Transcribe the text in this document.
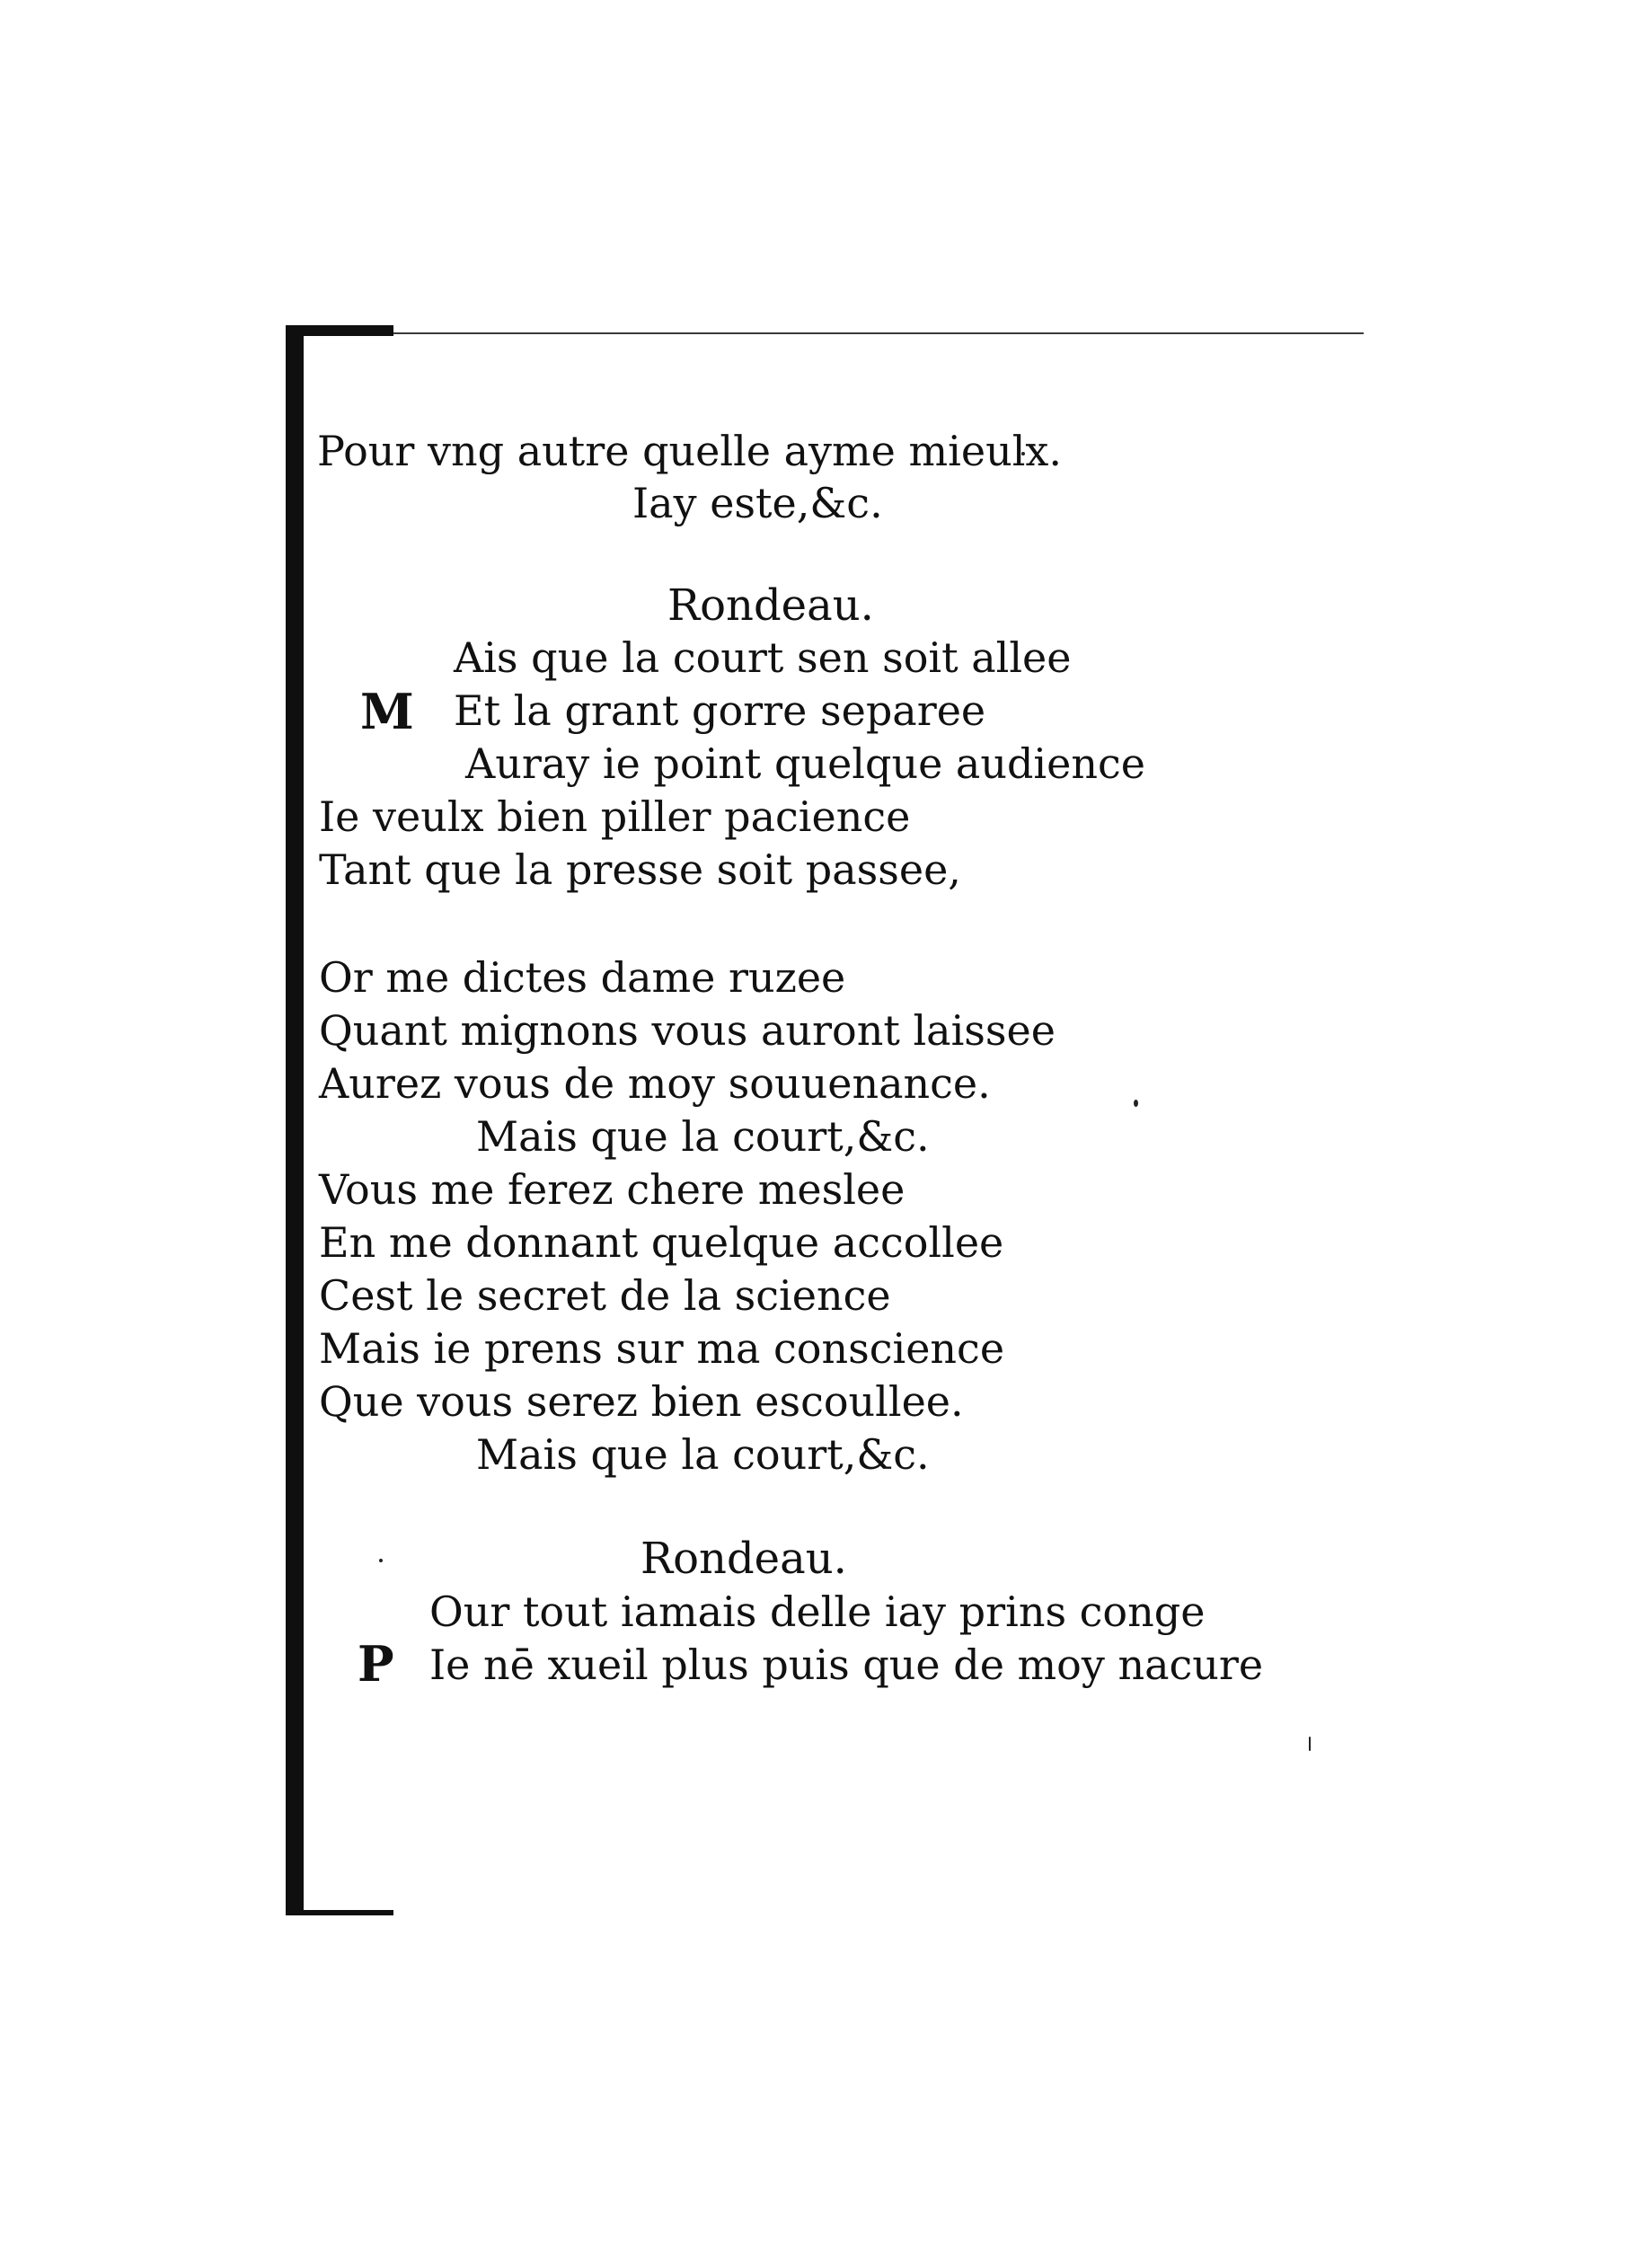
Pour vng autre quelle ayme mieulx.
Iay este,&c.
Rondeau.
M
Ais que la court sen soit allee
Et la grant gorre separee
Auray ie point quelque audience
Ie veulx bien piller pacience
Tant que la presse soit passee,
Or me dictes dame ruzee
Quant mignons vous auront laissee
Aurez vous de moy souuenance.
Mais que la court,&c.
Vous me ferez chere meslee
En me donnant quelque accollee
Cest le secret de la science
Mais ie prens sur ma conscience
Que vous serez bien escoullee.
Mais que la court,&c.
Rondeau.
P
Our tout iamais delle iay prins conge
Ie nē xueil plus puis que de moy nacure
